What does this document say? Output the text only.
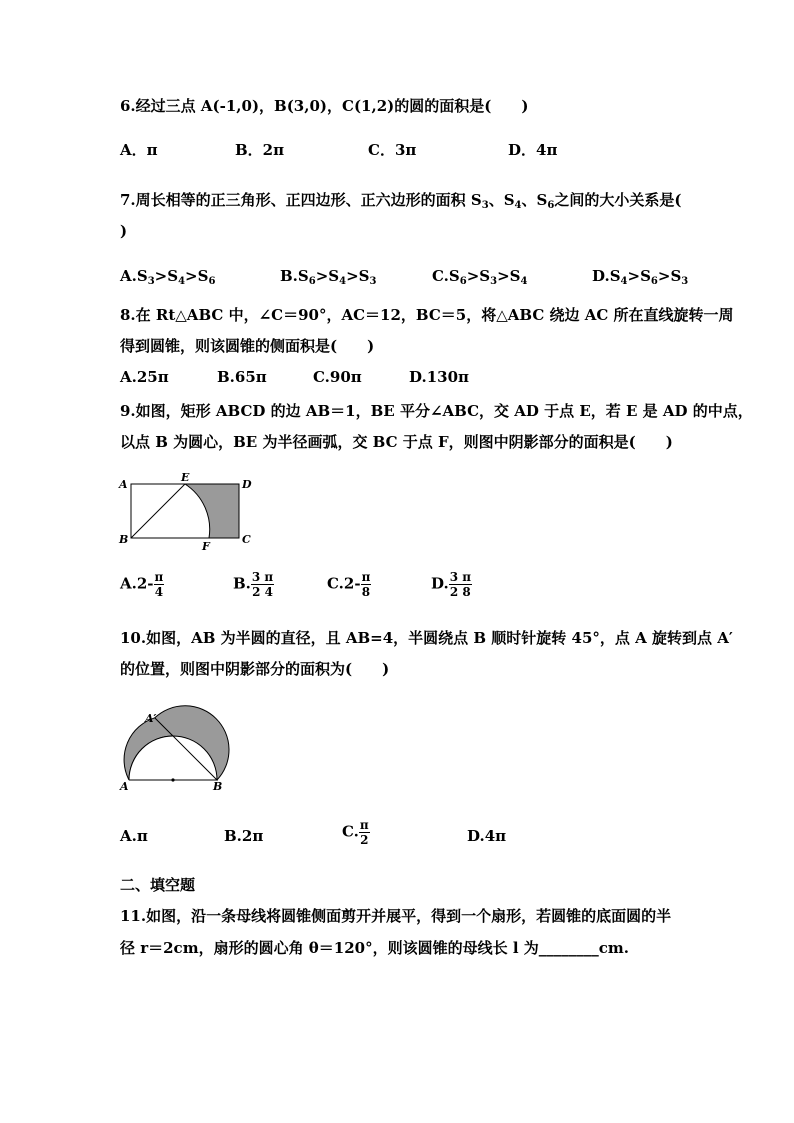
6.经过三点 A(-1,0)，B(3,0)，C(1,2)的圆的面积是(　　)
A．π	B．2π	C．3π	D．4π
7.周长相等的正三角形、正四边形、正六边形的面积 $S_3$、$S_4$、$S_6$之间的大小关系是(
)
$A.S_3>S_4>S_6$	$B.S_6>S_4>S_3$	$C.S_6>S_3>S_4$	$D.S_4>S_6>S_3$
8.在 Rt△ABC 中，∠C＝90°，AC＝12，BC＝5，将△ABC 绕边 AC 所在直线旋转一周
得到圆锥，则该圆锥的侧面积是(　　)
A.25π	B.65π	C.90π	D.130π
9.如图，矩形 ABCD 的边 AB＝1，BE 平分∠ABC，交 AD 于点 E，若 E 是 AD 的中点，
以点 B 为圆心，BE 为半径画弧，交 BC 于点 F，则图中阴影部分的面积是(　　)
A
E
D
B
F
C
$A.2- \frac{\pi}{4}$	B. $\frac{3 \pi}{2 4}$	$C.2- \frac{\pi}{8}$	D. $\frac{3 \pi}{2 8}$
10.如图，AB 为半圆的直径，且 AB=4，半圆绕点 B 顺时针旋转 45°，点 A 旋转到点 A′
的位置，则图中阴影部分的面积为(　　)
A′
A	B
A.π	B.2π	C. $\frac{\pi}{2}$	D.4π
二、填空题
11.如图，沿一条母线将圆锥侧面剪开并展平，得到一个扇形，若圆锥的底面圆的半
径 r＝2cm，扇形的圆心角 θ＝120°，则该圆锥的母线长 l 为________cm.
